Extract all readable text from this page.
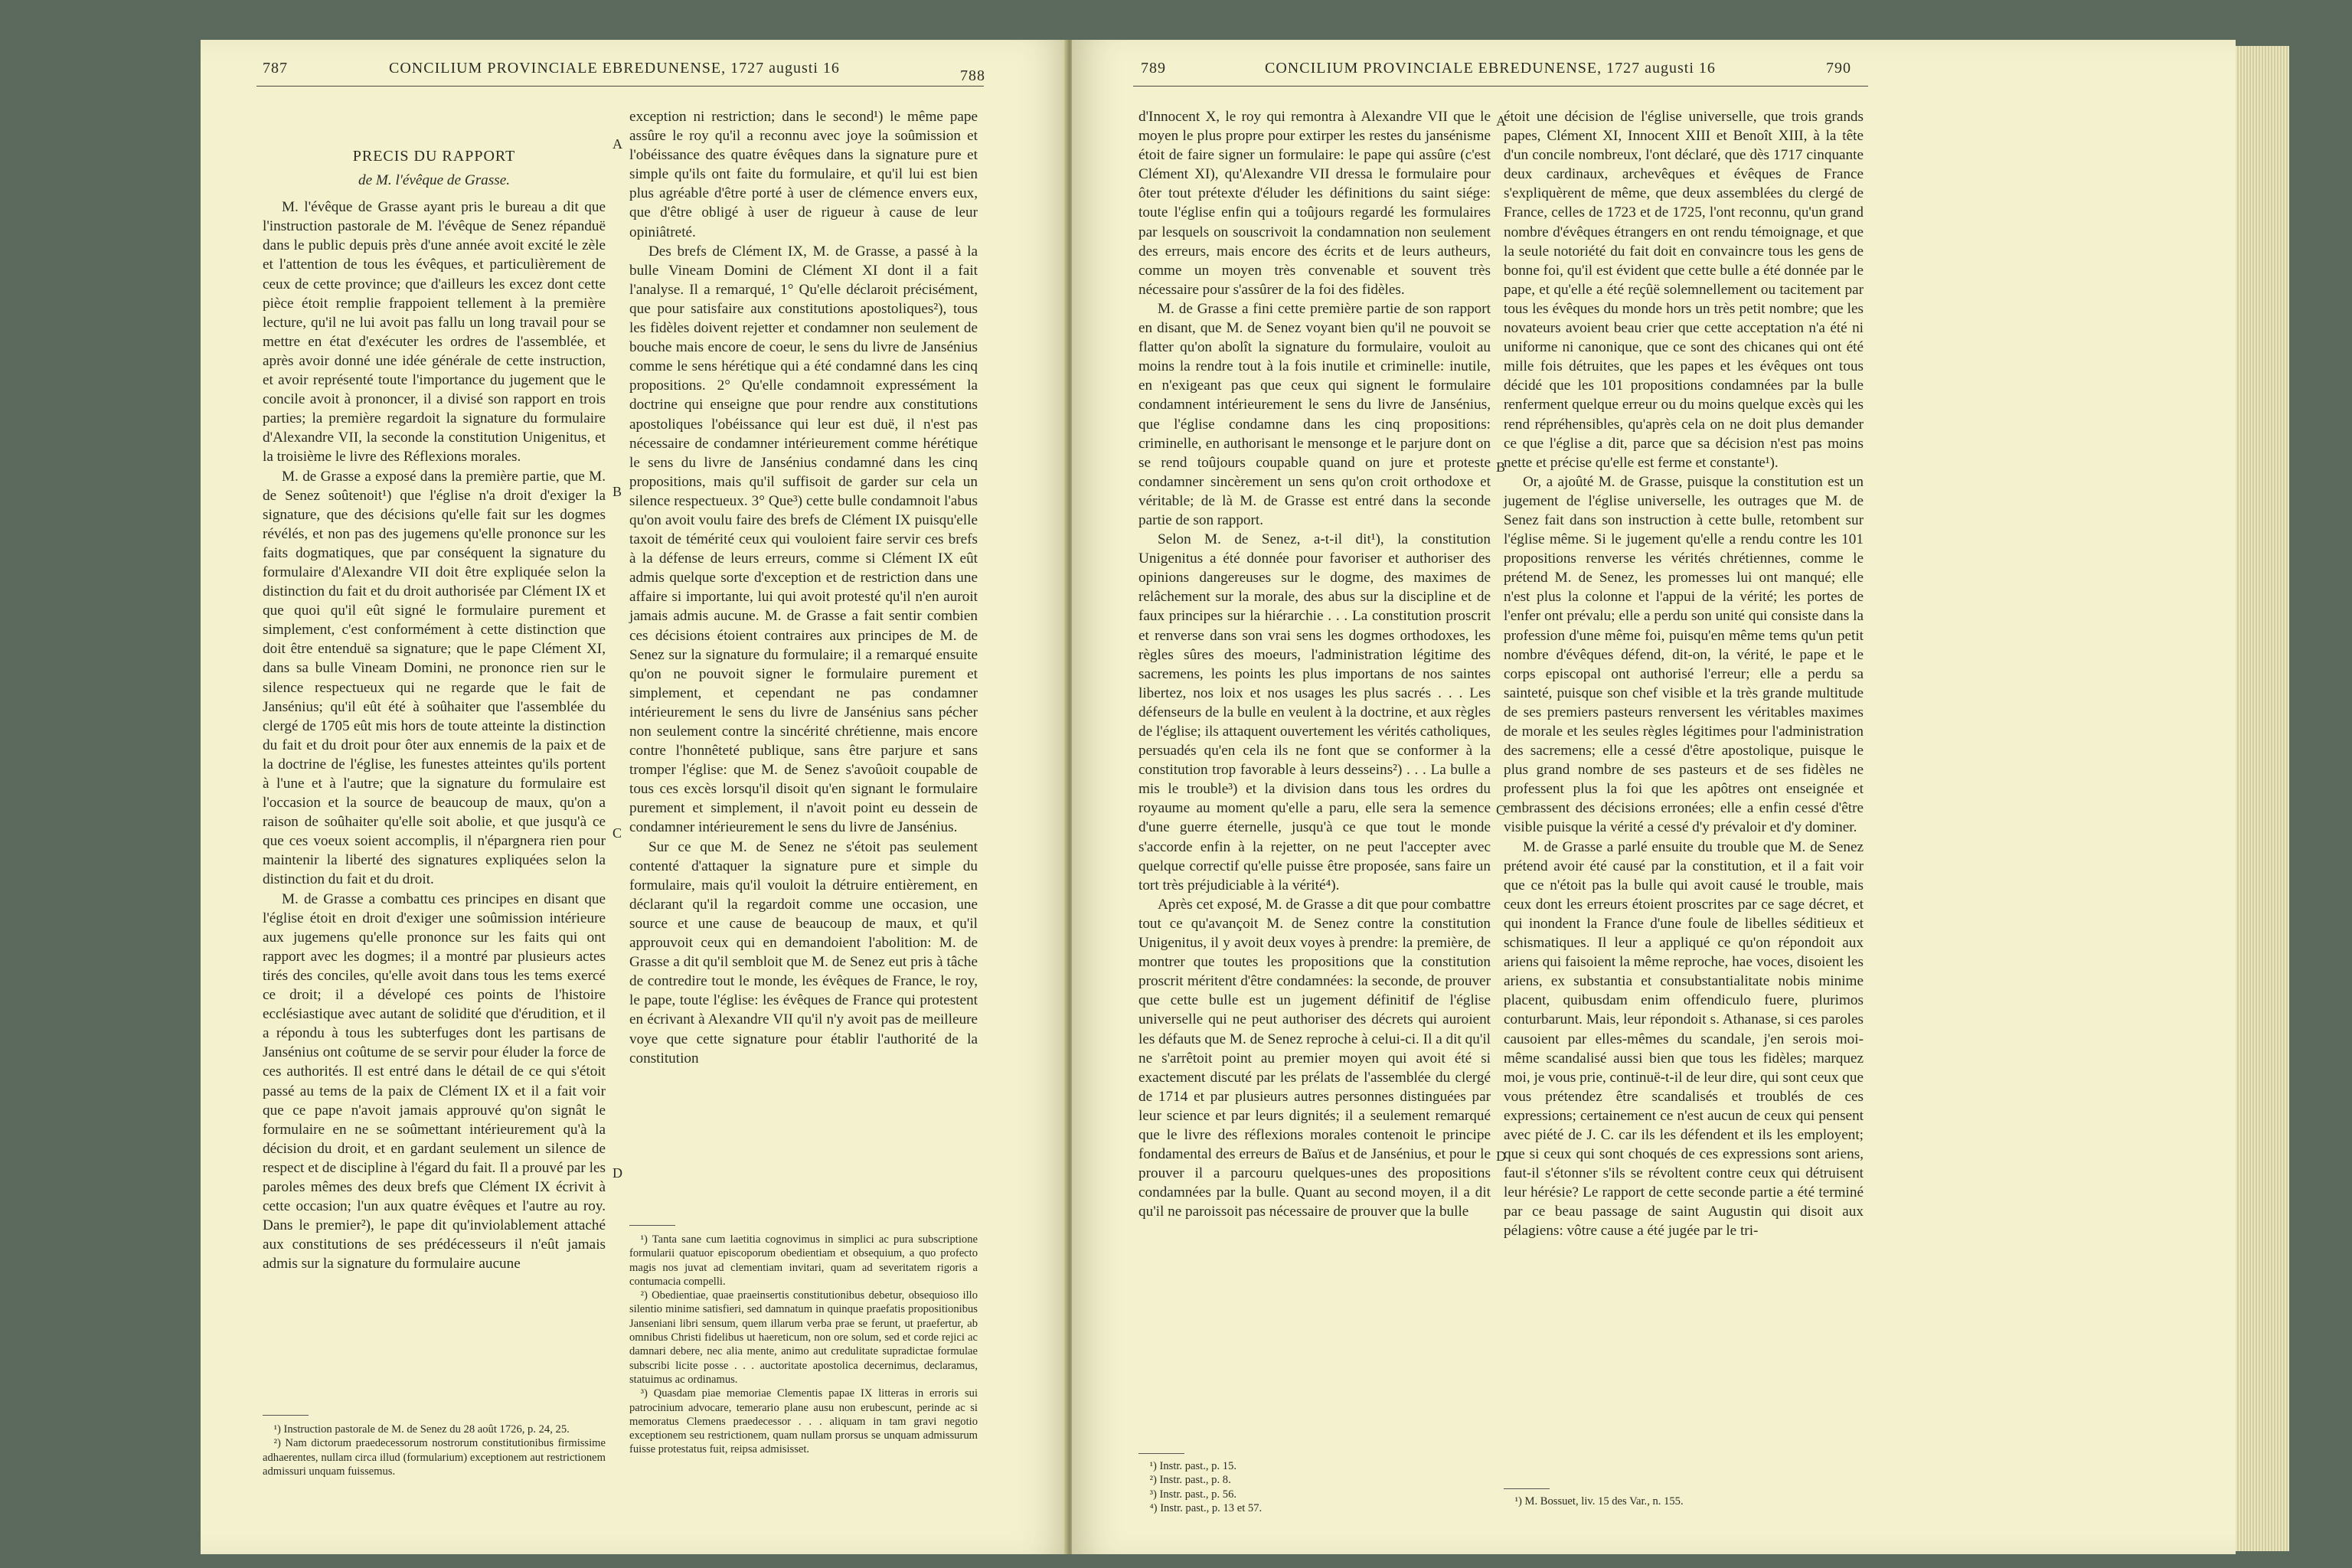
787	CONCILIUM PROVINCIALE EBREDUNENSE, 1727 augusti 16	788	789	CONCILIUM PROVINCIALE EBREDUNENSE, 1727 augusti 16	790
A
B
C
D
A
B
C
D
PRECIS DU RAPPORT

de M. l'évêque de Grasse.

M. l'évêque de Grasse ayant pris le bureau a dit que l'instruction pastorale de M. l'évêque de Senez répanduë dans le public depuis près d'une année avoit excité le zèle et l'attention de tous les évêques, et particulièrement de ceux de cette province; que d'ailleurs les excez dont cette pièce étoit remplie frappoient tellement à la première lecture, qu'il ne lui avoit pas fallu un long travail pour se mettre en état d'exécuter les ordres de l'assemblée, et après avoir donné une idée générale de cette instruction, et avoir représenté toute l'importance du jugement que le concile avoit à prononcer, il a divisé son rapport en trois parties; la première regardoit la signature du formulaire d'Alexandre VII, la seconde la constitution Unigenitus, et la troisième le livre des Réflexions morales.

M. de Grasse a exposé dans la première partie, que M. de Senez soûtenoit¹) que l'église n'a droit d'exiger la signature, que des décisions qu'elle fait sur les dogmes révélés, et non pas des jugemens qu'elle prononce sur les faits dogmatiques, que par conséquent la signature du formulaire d'Alexandre VII doit être expliquée selon la distinction du fait et du droit authorisée par Clément IX et que quoi qu'il eût signé le formulaire purement et simplement, c'est conformément à cette distinction que doit être entenduë sa signature; que le pape Clément XI, dans sa bulle Vineam Domini, ne prononce rien sur le silence respectueux qui ne regarde que le fait de Jansénius; qu'il eût été à soûhaiter que l'assemblée du clergé de 1705 eût mis hors de toute atteinte la distinction du fait et du droit pour ôter aux ennemis de la paix et de la doctrine de l'église, les funestes atteintes qu'ils portent à l'une et à l'autre; que la signature du formulaire est l'occasion et la source de beaucoup de maux, qu'on a raison de soûhaiter qu'elle soit abolie, et que jusqu'à ce que ces voeux soient accomplis, il n'épargnera rien pour maintenir la liberté des signatures expliquées selon la distinction du fait et du droit.

M. de Grasse a combattu ces principes en disant que l'église étoit en droit d'exiger une soûmission intérieure aux jugemens qu'elle prononce sur les faits qui ont rapport avec les dogmes; il a montré par plusieurs actes tirés des conciles, qu'elle avoit dans tous les tems exercé ce droit; il a dévelopé ces points de l'histoire ecclésiastique avec autant de solidité que d'érudition, et il a répondu à tous les subterfuges dont les partisans de Jansénius ont coûtume de se servir pour éluder la force de ces authorités. Il est entré dans le détail de ce qui s'étoit passé au tems de la paix de Clément IX et il a fait voir que ce pape n'avoit jamais approuvé qu'on signât le formulaire en ne se soûmettant intérieurement qu'à la décision du droit, et en gardant seulement un silence de respect et de discipline à l'égard du fait. Il a prouvé par les paroles mêmes des deux brefs que Clément IX écrivit à cette occasion; l'un aux quatre évêques et l'autre au roy. Dans le premier²), le pape dit qu'inviolablement attaché aux constitutions de ses prédécesseurs il n'eût jamais admis sur la signature du formulaire aucune

¹) Instruction pastorale de M. de Senez du 28 août 1726, p. 24, 25.

²) Nam dictorum praedecessorum nostrorum constitutionibus firmissime adhaerentes, nullam circa illud (formularium) exceptionem aut restrictionem admissuri unquam fuissemus.

exception ni restriction; dans le second¹) le même pape assûre le roy qu'il a reconnu avec joye la soûmission et l'obéissance des quatre évêques dans la signature pure et simple qu'ils ont faite du formulaire, et qu'il lui est bien plus agréable d'être porté à user de clémence envers eux, que d'être obligé à user de rigueur à cause de leur opiniâtreté.

Des brefs de Clément IX, M. de Grasse, a passé à la bulle Vineam Domini de Clément XI dont il a fait l'analyse. Il a remarqué, 1° Qu'elle déclaroit précisément, que pour satisfaire aux constitutions apostoliques²), tous les fidèles doivent rejetter et condamner non seulement de bouche mais encore de coeur, le sens du livre de Jansénius comme le sens hérétique qui a été condamné dans les cinq propositions. 2° Qu'elle condamnoit expressément la doctrine qui enseigne que pour rendre aux constitutions apostoliques l'obéissance qui leur est duë, il n'est pas nécessaire de condamner intérieurement comme hérétique le sens du livre de Jansénius condamné dans les cinq propositions, mais qu'il suffisoit de garder sur cela un silence respectueux. 3° Que³) cette bulle condamnoit l'abus qu'on avoit voulu faire des brefs de Clément IX puisqu'elle taxoit de témérité ceux qui vouloient faire servir ces brefs à la défense de leurs erreurs, comme si Clément IX eût admis quelque sorte d'exception et de restriction dans une affaire si importante, lui qui avoit protesté qu'il n'en auroit jamais admis aucune. M. de Grasse a fait sentir combien ces décisions étoient contraires aux principes de M. de Senez sur la signature du formulaire; il a remarqué ensuite qu'on ne pouvoit signer le formulaire purement et simplement, et cependant ne pas condamner intérieurement le sens du livre de Jansénius sans pécher non seulement contre la sincérité chrétienne, mais encore contre l'honnêteté publique, sans être parjure et sans tromper l'église: que M. de Senez s'avoûoit coupable de tous ces excès lorsqu'il disoit qu'en signant le formulaire purement et simplement, il n'avoit point eu dessein de condamner intérieurement le sens du livre de Jansénius.

Sur ce que M. de Senez ne s'étoit pas seulement contenté d'attaquer la signature pure et simple du formulaire, mais qu'il vouloit la détruire entièrement, en déclarant qu'il la regardoit comme une occasion, une source et une cause de beaucoup de maux, et qu'il approuvoit ceux qui en demandoient l'abolition: M. de Grasse a dit qu'il sembloit que M. de Senez eut pris à tâche de contredire tout le monde, les évêques de France, le roy, le pape, toute l'église: les évêques de France qui protestent en écrivant à Alexandre VII qu'il n'y avoit pas de meilleure voye que cette signature pour établir l'authorité de la constitution

¹) Tanta sane cum laetitia cognovimus in simplici ac pura subscriptione formularii quatuor episcoporum obedientiam et obsequium, a quo profecto magis nos juvat ad clementiam invitari, quam ad severitatem rigoris a contumacia compelli.

²) Obedientiae, quae praeinsertis constitutionibus debetur, obsequioso illo silentio minime satisfieri, sed damnatum in quinque praefatis propositionibus Janseniani libri sensum, quem illarum verba prae se ferunt, ut praefertur, ab omnibus Christi fidelibus ut haereticum, non ore solum, sed et corde rejici ac damnari debere, nec alia mente, animo aut credulitate supradictae formulae subscribi licite posse . . . auctoritate apostolica decernimus, declaramus, statuimus ac ordinamus.

³) Quasdam piae memoriae Clementis papae IX litteras in erroris sui patrocinium advocare, temerario plane ausu non erubescunt, perinde ac si memoratus Clemens praedecessor . . . aliquam in tam gravi negotio exceptionem seu restrictionem, quam nullam prorsus se unquam admissurum fuisse protestatus fuit, reipsa admisisset.

d'Innocent X, le roy qui remontra à Alexandre VII que le moyen le plus propre pour extirper les restes du jansénisme étoit de faire signer un formulaire: le pape qui assûre (c'est Clément XI), qu'Alexandre VII dressa le formulaire pour ôter tout prétexte d'éluder les définitions du saint siége: toute l'église enfin qui a toûjours regardé les formulaires par lesquels on souscrivoit la condamnation non seulement des erreurs, mais encore des écrits et de leurs autheurs, comme un moyen très convenable et souvent très nécessaire pour s'assûrer de la foi des fidèles.

M. de Grasse a fini cette première partie de son rapport en disant, que M. de Senez voyant bien qu'il ne pouvoit se flatter qu'on abolît la signature du formulaire, vouloit au moins la rendre tout à la fois inutile et criminelle: inutile, en n'exigeant pas que ceux qui signent le formulaire condamnent intérieurement le sens du livre de Jansénius, que l'église condamne dans les cinq propositions: criminelle, en authorisant le mensonge et le parjure dont on se rend toûjours coupable quand on jure et proteste condamner sincèrement un sens qu'on croit orthodoxe et véritable; de là M. de Grasse est entré dans la seconde partie de son rapport.

Selon M. de Senez, a-t-il dit¹), la constitution Unigenitus a été donnée pour favoriser et authoriser des opinions dangereuses sur le dogme, des maximes de relâchement sur la morale, des abus sur la discipline et de faux principes sur la hiérarchie . . . La constitution proscrit et renverse dans son vrai sens les dogmes orthodoxes, les règles sûres des moeurs, l'administration légitime des sacremens, les points les plus importans de nos saintes libertez, nos loix et nos usages les plus sacrés . . . Les défenseurs de la bulle en veulent à la doctrine, et aux règles de l'église; ils attaquent ouvertement les vérités catholiques, persuadés qu'en cela ils ne font que se conformer à la constitution trop favorable à leurs desseins²) . . . La bulle a mis le trouble³) et la division dans tous les ordres du royaume au moment qu'elle a paru, elle sera la semence d'une guerre éternelle, jusqu'à ce que tout le monde s'accorde enfin à la rejetter, on ne peut l'accepter avec quelque correctif qu'elle puisse être proposée, sans faire un tort très préjudiciable à la vérité⁴).

Après cet exposé, M. de Grasse a dit que pour combattre tout ce qu'avançoit M. de Senez contre la constitution Unigenitus, il y avoit deux voyes à prendre: la première, de montrer que toutes les propositions que la constitution proscrit méritent d'être condamnées: la seconde, de prouver que cette bulle est un jugement définitif de l'église universelle qui ne peut authoriser des décrets qui auroient les défauts que M. de Senez reproche à celui-ci. Il a dit qu'il ne s'arrêtoit point au premier moyen qui avoit été si exactement discuté par les prélats de l'assemblée du clergé de 1714 et par plusieurs autres personnes distinguées par leur science et par leurs dignités; il a seulement remarqué que le livre des réflexions morales contenoit le principe fondamental des erreurs de Baïus et de Jansénius, et pour le prouver il a parcouru quelques-unes des propositions condamnées par la bulle. Quant au second moyen, il a dit qu'il ne paroissoit pas nécessaire de prouver que la bulle

¹) Instr. past., p. 15.

²) Instr. past., p. 8.

³) Instr. past., p. 56.

⁴) Instr. past., p. 13 et 57.

étoit une décision de l'église universelle, que trois grands papes, Clément XI, Innocent XIII et Benoît XIII, à la tête d'un concile nombreux, l'ont déclaré, que dès 1717 cinquante deux cardinaux, archevêques et évêques de France s'expliquèrent de même, que deux assemblées du clergé de France, celles de 1723 et de 1725, l'ont reconnu, qu'un grand nombre d'évêques étrangers en ont rendu témoignage, et que la seule notoriété du fait doit en convaincre tous les gens de bonne foi, qu'il est évident que cette bulle a été donnée par le pape, et qu'elle a été reçûë solemnellement ou tacitement par tous les évêques du monde hors un très petit nombre; que les novateurs avoient beau crier que cette acceptation n'a été ni uniforme ni canonique, que ce sont des chicanes qui ont été mille fois détruites, que les papes et les évêques ont tous décidé que les 101 propositions condamnées par la bulle renferment quelque erreur ou du moins quelque excès qui les rend répréhensibles, qu'après cela on ne doit plus demander ce que l'église a dit, parce que sa décision n'est pas moins nette et précise qu'elle est ferme et constante¹).

Or, a ajoûté M. de Grasse, puisque la constitution est un jugement de l'église universelle, les outrages que M. de Senez fait dans son instruction à cette bulle, retombent sur l'église même. Si le jugement qu'elle a rendu contre les 101 propositions renverse les vérités chrétiennes, comme le prétend M. de Senez, les promesses lui ont manqué; elle n'est plus la colonne et l'appui de la vérité; les portes de l'enfer ont prévalu; elle a perdu son unité qui consiste dans la profession d'une même foi, puisqu'en même tems qu'un petit nombre d'évêques défend, dit-on, la vérité, le pape et le corps episcopal ont authorisé l'erreur; elle a perdu sa sainteté, puisque son chef visible et la très grande multitude de ses premiers pasteurs renversent les véritables maximes de morale et les seules règles légitimes pour l'administration des sacremens; elle a cessé d'être apostolique, puisque le plus grand nombre de ses pasteurs et de ses fidèles ne professent plus la foi que les apôtres ont enseignée et embrassent des décisions erronées; elle a enfin cessé d'être visible puisque la vérité a cessé d'y prévaloir et d'y dominer.

M. de Grasse a parlé ensuite du trouble que M. de Senez prétend avoir été causé par la constitution, et il a fait voir que ce n'étoit pas la bulle qui avoit causé le trouble, mais ceux dont les erreurs étoient proscrites par ce sage décret, et qui inondent la France d'une foule de libelles séditieux et schismatiques. Il leur a appliqué ce qu'on répondoit aux ariens qui faisoient la même reproche, hae voces, disoient les ariens, ex substantia et consubstantialitate nobis minime placent, quibusdam enim offendiculo fuere, plurimos conturbarunt. Mais, leur répondoit s. Athanase, si ces paroles causoient par elles-mêmes du scandale, j'en serois moi-même scandalisé aussi bien que tous les fidèles; marquez moi, je vous prie, continuë-t-il de leur dire, qui sont ceux que vous prétendez être scandalisés et troublés de ces expressions; certainement ce n'est aucun de ceux qui pensent avec piété de J. C. car ils les défendent et ils les employent; que si ceux qui sont choqués de ces expressions sont ariens, faut-il s'étonner s'ils se révoltent contre ceux qui détruisent leur hérésie? Le rapport de cette seconde partie a été terminé par ce beau passage de saint Augustin qui disoit aux pélagiens: vôtre cause a été jugée par le tri-

¹) M. Bossuet, liv. 15 des Var., n. 155.
